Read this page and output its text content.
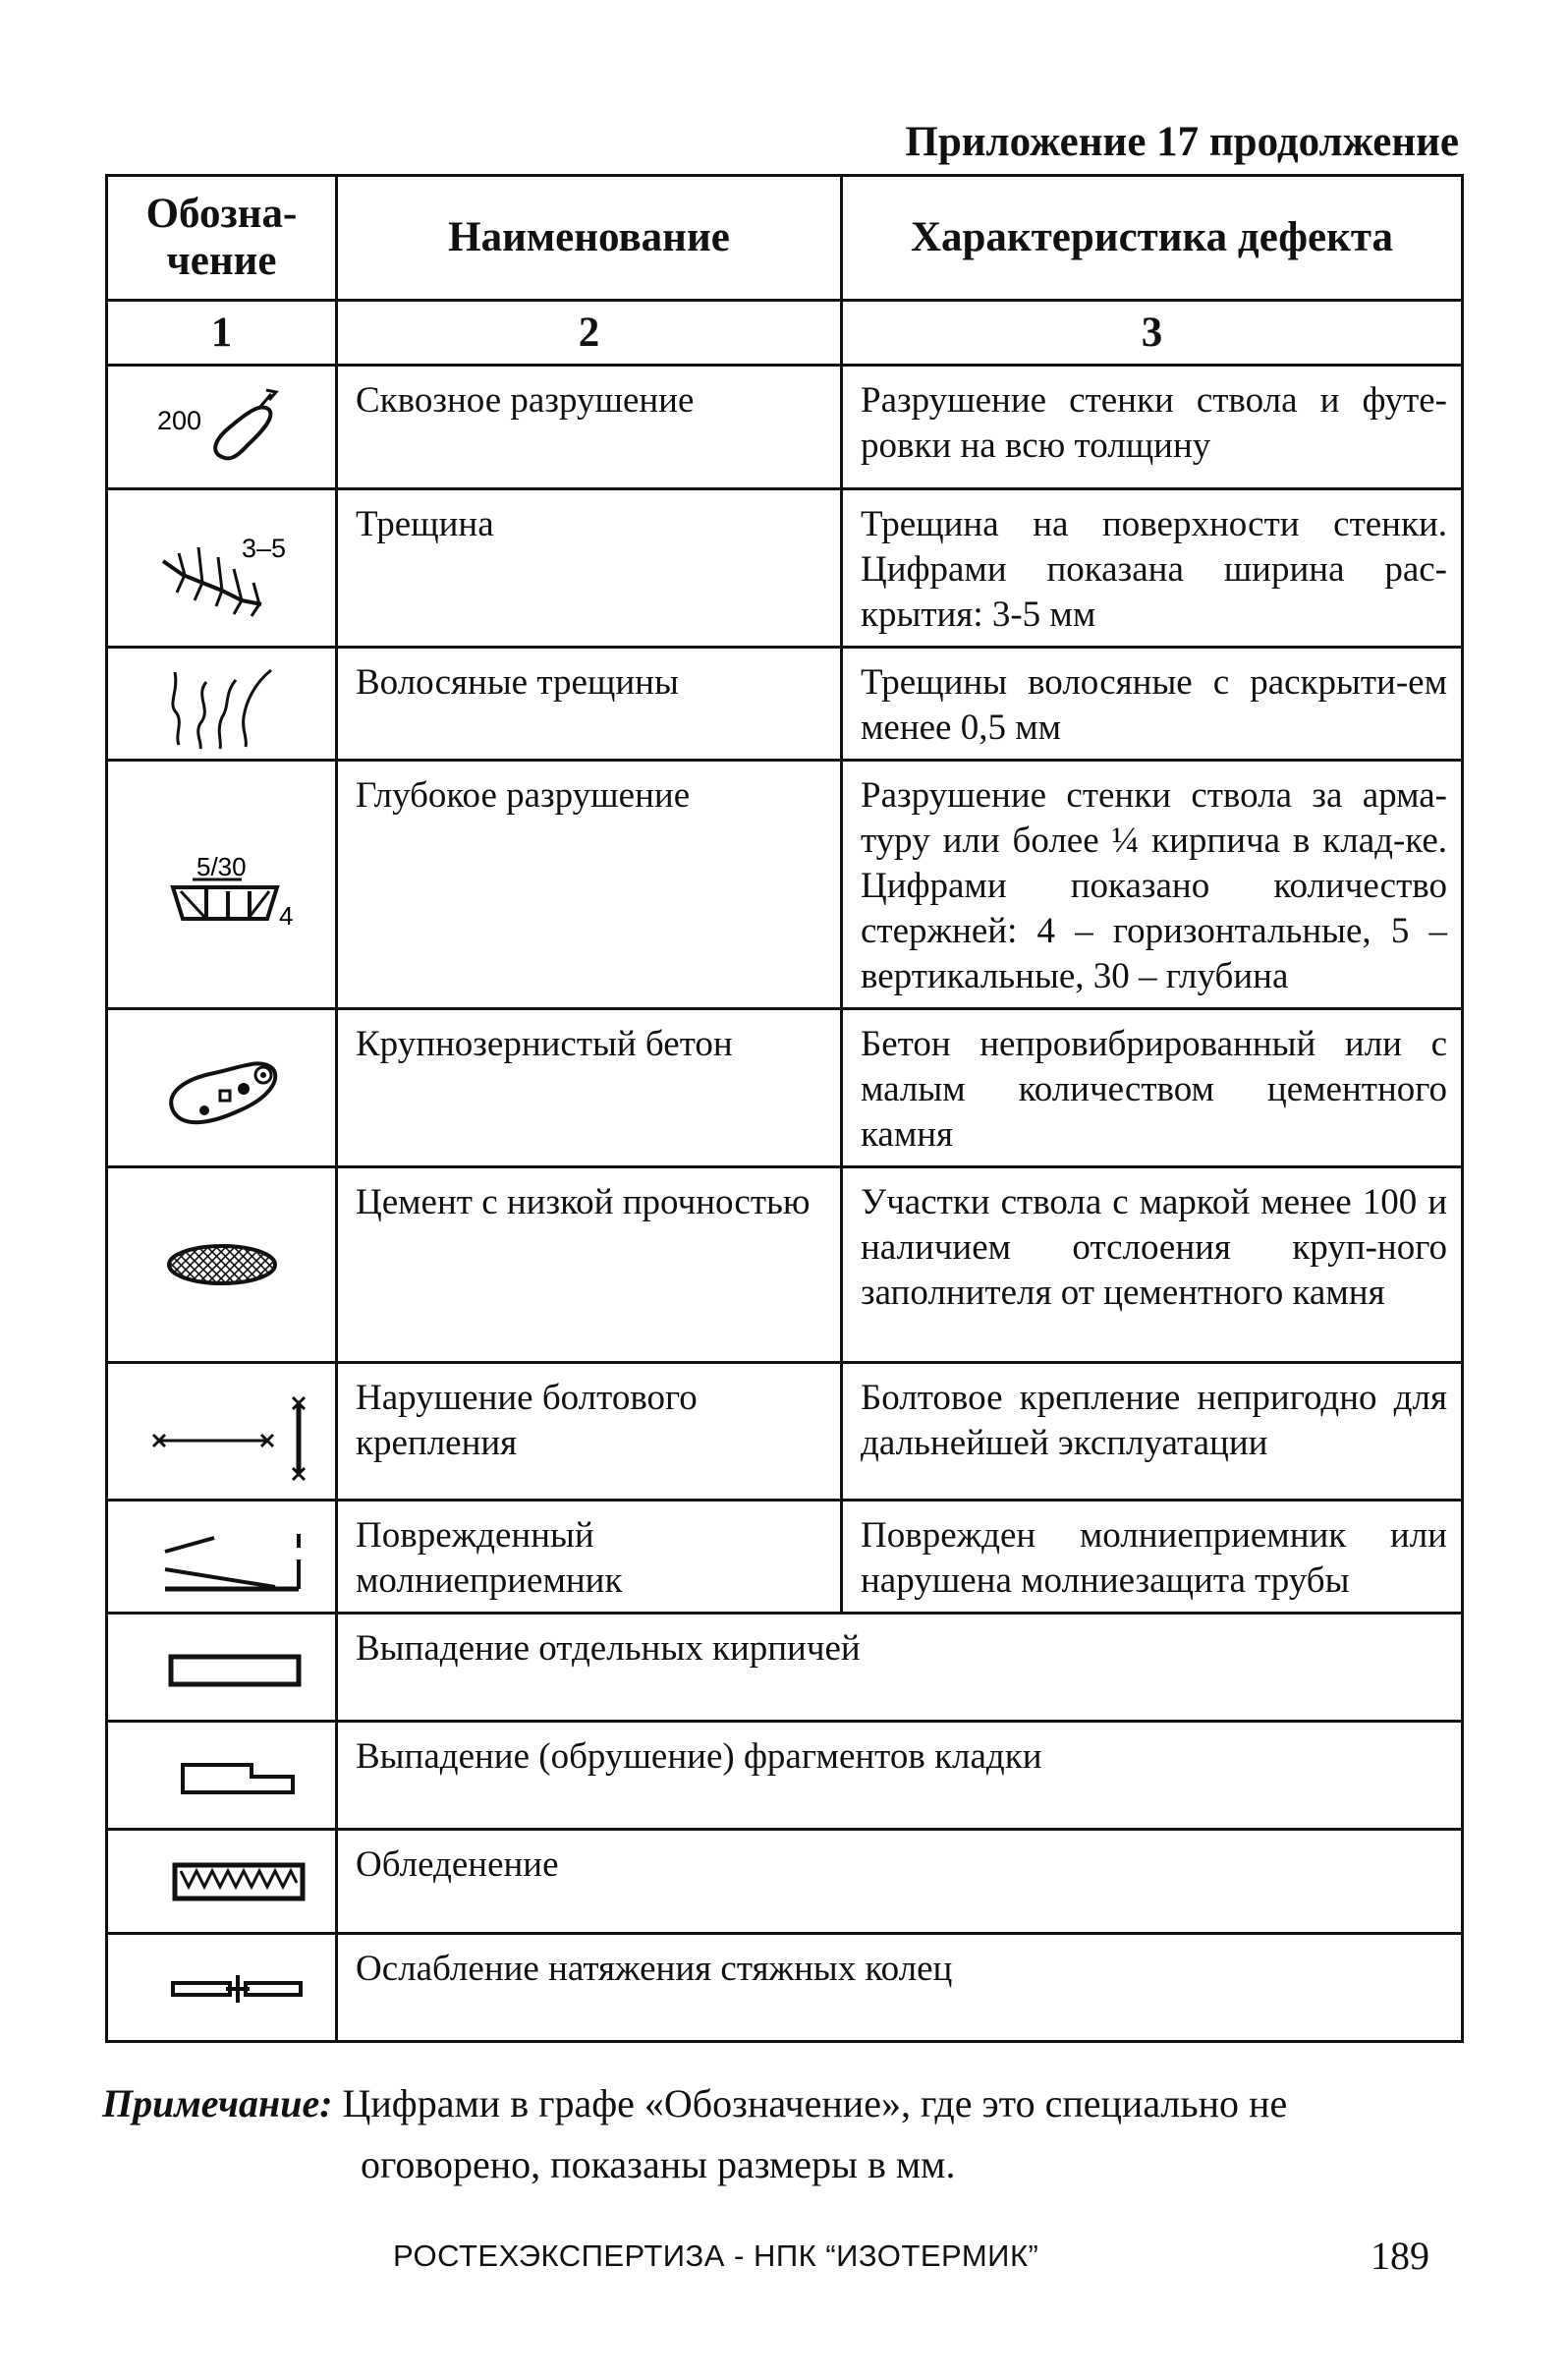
Приложение 17 продолжение
Обозна-
чение	Наименование	Характеристика дефекта
1	2	3

200	Сквозное разрушение	Разрушение стенки ствола и футе-ровки на всю толщину

3–5	Трещина	Трещина на поверхности стенки. Цифрами показана ширина рас-крытия: 3-5 мм

	Волосяные трещины	Трещины волосяные с раскрыти-ем менее 0,5 мм

5/30
4	Глубокое разрушение	Разрушение стенки ствола за арма-туру или более ¼ кирпича в клад-ке. Цифрами показано количество стержней: 4 – горизонтальные, 5 – вертикальные, 30 – глубина

	Крупнозернистый бетон	Бетон непровибрированный или с малым количеством цементного камня

	Цемент с низкой прочностью	Участки ствола с маркой менее 100 и наличием отслоения круп-ного заполнителя от цементного камня

	Нарушение болтового крепления	Болтовое крепление непригодно для дальнейшей эксплуатации

	Поврежденный молниеприемник	Поврежден молниеприемник или нарушена молниезащита трубы

	Выпадение отдельных кирпичей	

	Выпадение (обрушение) фрагментов кладки	

	Обледенение	

	Ослабление натяжения стяжных колец	
Примечание: Цифрами в графе «Обозначение», где это специально не
оговорено, показаны размеры в мм.
РОСТЕХЭКСПЕРТИЗА - НПК “ИЗОТЕРМИК”	189
